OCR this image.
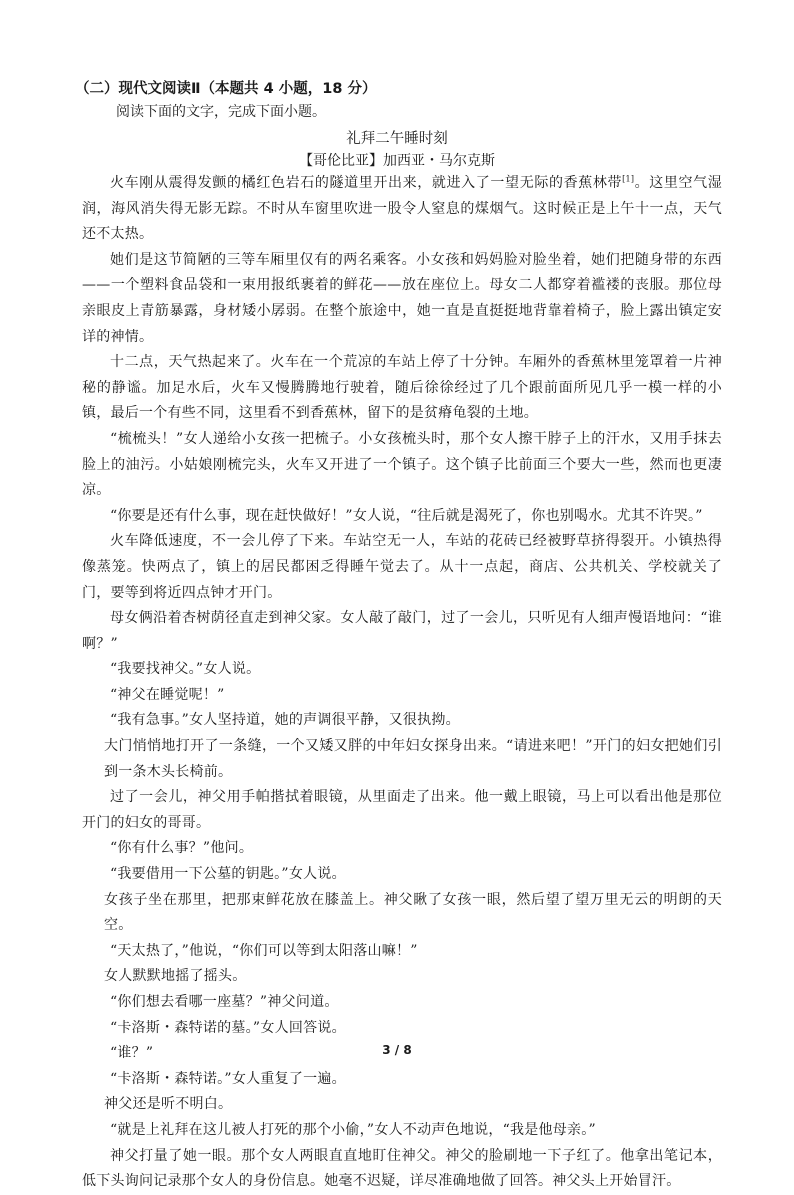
（二）现代文阅读Ⅱ（本题共 4 小题，18 分）
阅读下面的文字，完成下面小题。
礼拜二午睡时刻
【哥伦比亚】加西亚・马尔克斯

火车刚从震得发颤的橘红色岩石的隧道里开出来，就进入了一望无际的香蕉林带[1]。这里空气湿润，海风消失得无影无踪。不时从车窗里吹进一股令人窒息的煤烟气。这时候正是上午十一点，天气还不太热。

她们是这节简陋的三等车厢里仅有的两名乘客。小女孩和妈妈脸对脸坐着，她们把随身带的东西——一个塑料食品袋和一束用报纸裹着的鲜花——放在座位上。母女二人都穿着褴褛的丧服。那位母亲眼皮上青筋暴露，身材矮小孱弱。在整个旅途中，她一直是直挺挺地背靠着椅子，脸上露出镇定安详的神情。

十二点，天气热起来了。火车在一个荒凉的车站上停了十分钟。车厢外的香蕉林里笼罩着一片神秘的静谧。加足水后，火车又慢腾腾地行驶着，随后徐徐经过了几个跟前面所见几乎一模一样的小镇，最后一个有些不同，这里看不到香蕉林，留下的是贫瘠龟裂的土地。

“梳梳头！”女人递给小女孩一把梳子。小女孩梳头时，那个女人擦干脖子上的汗水，又用手抹去脸上的油污。小姑娘刚梳完头，火车又开进了一个镇子。这个镇子比前面三个要大一些，然而也更凄凉。

“你要是还有什么事，现在赶快做好！”女人说，“往后就是渴死了，你也别喝水。尤其不许哭。”

火车降低速度，不一会儿停了下来。车站空无一人，车站的花砖已经被野草挤得裂开。小镇热得像蒸笼。快两点了，镇上的居民都困乏得睡午觉去了。从十一点起，商店、公共机关、学校就关了门，要等到将近四点钟才开门。

母女俩沿着杏树荫径直走到神父家。女人敲了敲门，过了一会儿，只听见有人细声慢语地问：“谁啊？”

“我要找神父。”女人说。

“神父在睡觉呢！”

“我有急事。”女人坚持道，她的声调很平静，又很执拗。

大门悄悄地打开了一条缝，一个又矮又胖的中年妇女探身出来。“请进来吧！”开门的妇女把她们引到一条木头长椅前。

过了一会儿，神父用手帕揩拭着眼镜，从里面走了出来。他一戴上眼镜，马上可以看出他是那位开门的妇女的哥哥。

“你有什么事？”他问。

“我要借用一下公墓的钥匙。”女人说。

女孩子坐在那里，把那束鲜花放在膝盖上。神父瞅了女孩一眼，然后望了望万里无云的明朗的天空。

“天太热了，”他说，“你们可以等到太阳落山嘛！”

女人默默地摇了摇头。

“你们想去看哪一座墓？”神父问道。

“卡洛斯・森特诺的墓。”女人回答说。

“谁？”

“卡洛斯・森特诺。”女人重复了一遍。

神父还是听不明白。

“就是上礼拜在这儿被人打死的那个小偷，”女人不动声色地说，“我是他母亲。”

神父打量了她一眼。那个女人两眼直直地盯住神父。神父的脸刷地一下子红了。他拿出笔记本，低下头询问记录那个女人的身份信息。她毫不迟疑，详尽准确地做了回答。神父头上开始冒汗。

3 / 8
